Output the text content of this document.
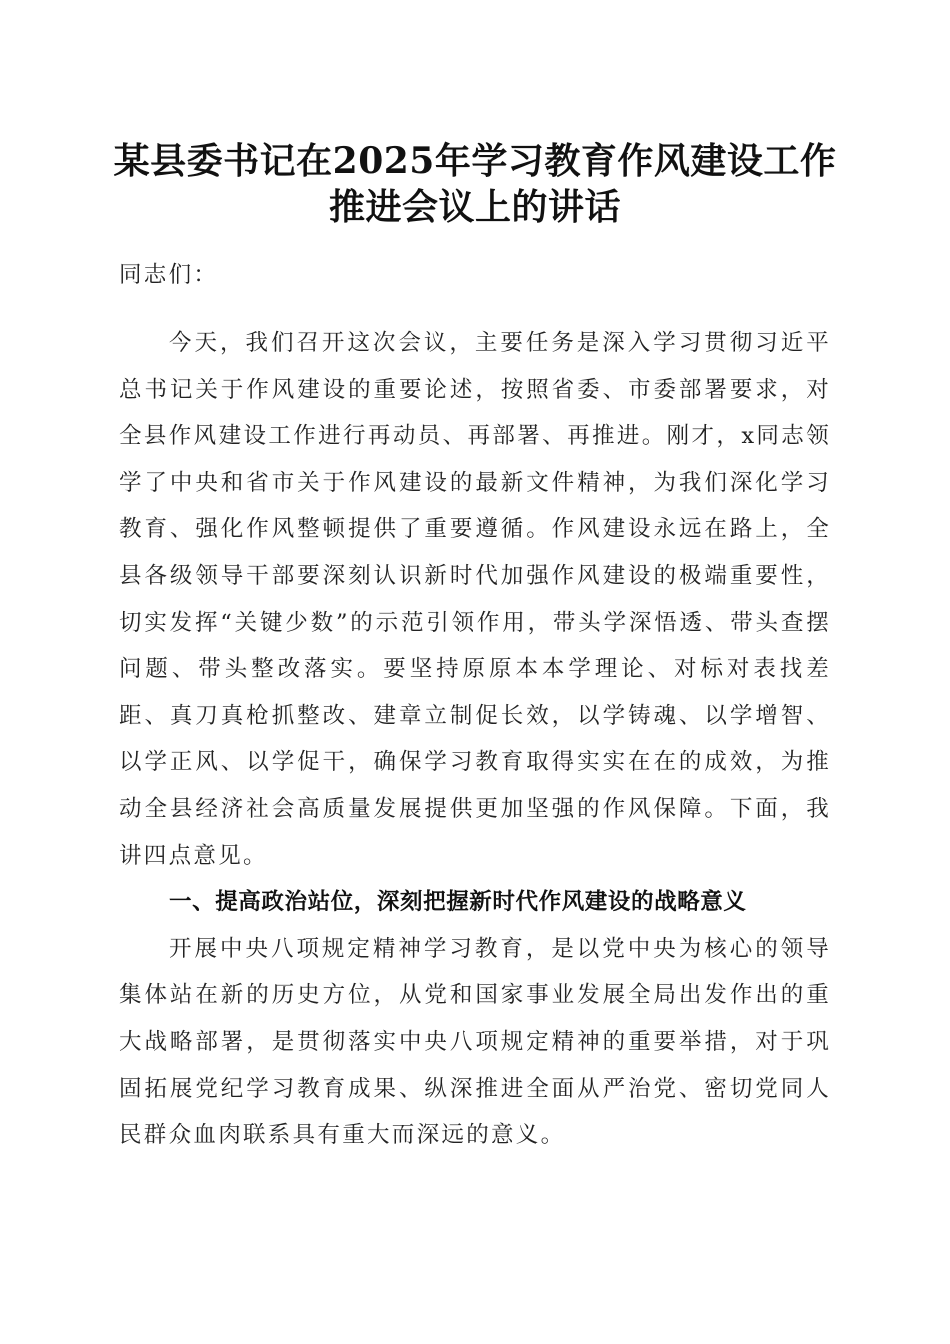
某县委书记在2025年学习教育作风建设工作
推进会议上的讲话
同志们：

今天，我们召开这次会议，主要任务是深入学习贯彻习近平总书记关于作风建设的重要论述，按照省委、市委部署要求，对全县作风建设工作进行再动员、再部署、再推进。刚才，x同志领学了中央和省市关于作风建设的最新文件精神，为我们深化学习教育、强化作风整顿提供了重要遵循。作风建设永远在路上，全县各级领导干部要深刻认识新时代加强作风建设的极端重要性，切实发挥“关键少数”的示范引领作用，带头学深悟透、带头查摆问题、带头整改落实。要坚持原原本本学理论、对标对表找差距、真刀真枪抓整改、建章立制促长效，以学铸魂、以学增智、以学正风、以学促干，确保学习教育取得实实在在的成效，为推动全县经济社会高质量发展提供更加坚强的作风保障。下面，我讲四点意见。

一、提高政治站位，深刻把握新时代作风建设的战略意义

开展中央八项规定精神学习教育，是以党中央为核心的领导集体站在新的历史方位，从党和国家事业发展全局出发作出的重大战略部署，是贯彻落实中央八项规定精神的重要举措，对于巩固拓展党纪学习教育成果、纵深推进全面从严治党、密切党同人民群众血肉联系具有重大而深远的意义。
